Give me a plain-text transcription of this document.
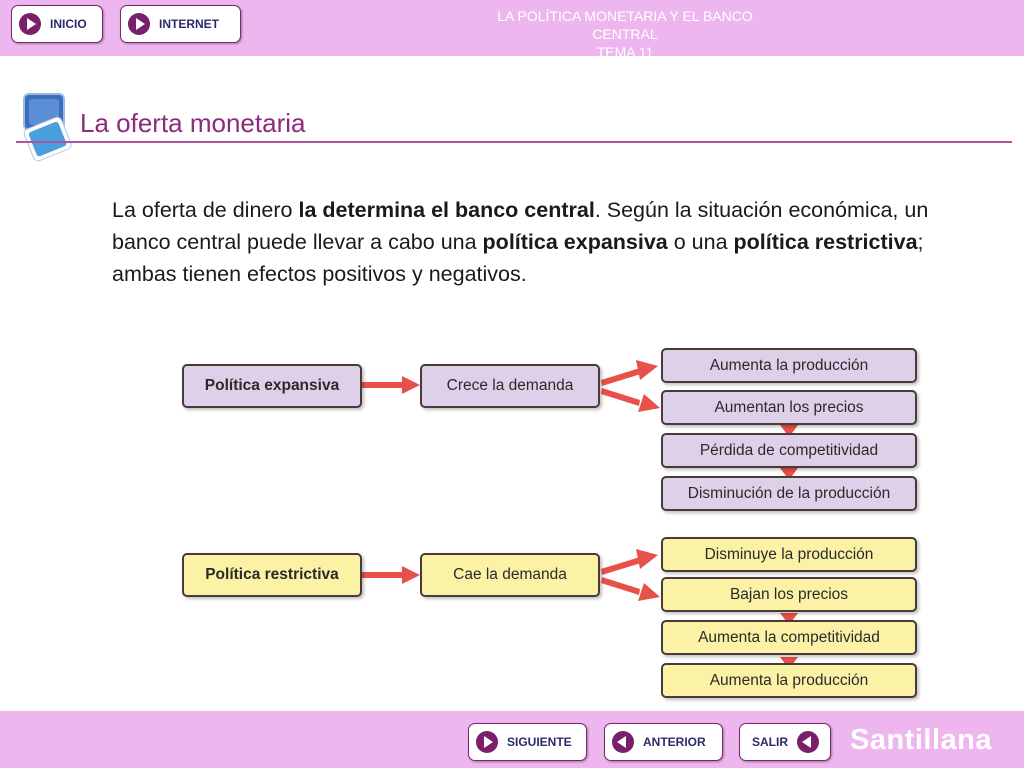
INICIO	INTERNET	LA POLÍTICA MONETARIA Y EL BANCO CENTRAL
TEMA 11
La oferta monetaria
La oferta de dinero la determina el banco central. Según la situación económica, un banco central puede llevar a cabo una política expansiva o una política restrictiva; ambas tienen efectos positivos y negativos.
Política expansiva	Crece la demanda
Aumenta la producción
Aumentan los precios
Pérdida de competitividad
Disminución de la producción
Política restrictiva	Cae la demanda
Disminuye la producción
Bajan los precios
Aumenta la competitividad
Aumenta la producción
SIGUIENTE	ANTERIOR	SALIR Santillana
